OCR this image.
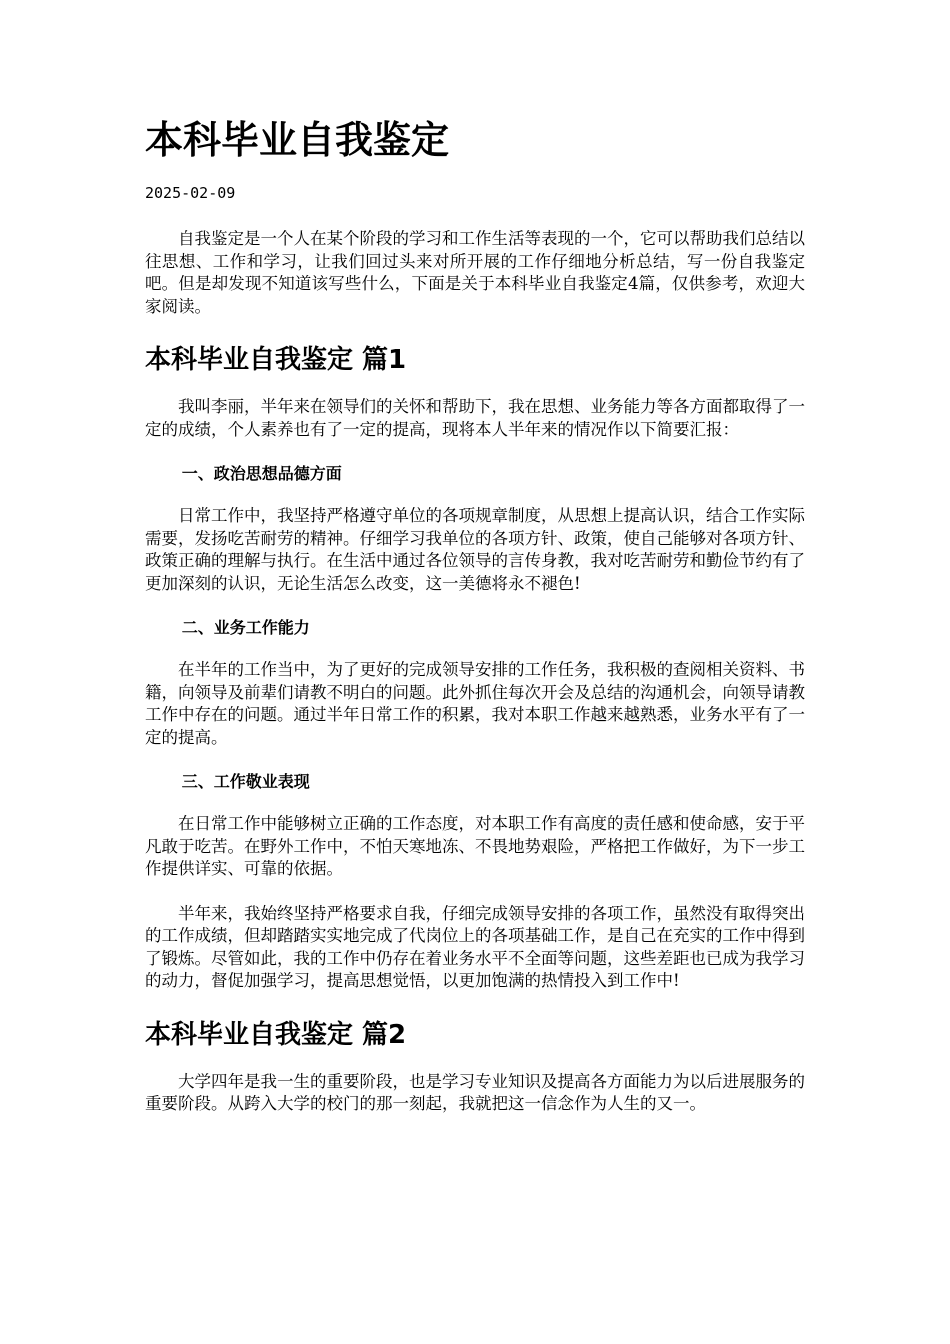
本科毕业自我鉴定
2025-02-09

自我鉴定是一个人在某个阶段的学习和工作生活等表现的一个，它可以帮助我们总结以往思想、工作和学习，让我们回过头来对所开展的工作仔细地分析总结，写一份自我鉴定吧。但是却发现不知道该写些什么，下面是关于本科毕业自我鉴定4篇，仅供参考，欢迎大家阅读。

本科毕业自我鉴定 篇1

我叫李丽，半年来在领导们的关怀和帮助下，我在思想、业务能力等各方面都取得了一定的成绩，个人素养也有了一定的提高，现将本人半年来的情况作以下简要汇报：

一、政治思想品德方面

日常工作中，我坚持严格遵守单位的各项规章制度，从思想上提高认识，结合工作实际需要，发扬吃苦耐劳的精神。仔细学习我单位的各项方针、政策，使自己能够对各项方针、政策正确的理解与执行。在生活中通过各位领导的言传身教，我对吃苦耐劳和勤俭节约有了更加深刻的认识，无论生活怎么改变，这一美德将永不褪色!

二、业务工作能力

在半年的工作当中，为了更好的完成领导安排的工作任务，我积极的查阅相关资料、书籍，向领导及前辈们请教不明白的问题。此外抓住每次开会及总结的沟通机会，向领导请教工作中存在的问题。通过半年日常工作的积累，我对本职工作越来越熟悉，业务水平有了一定的提高。

三、工作敬业表现

在日常工作中能够树立正确的工作态度，对本职工作有高度的责任感和使命感，安于平凡敢于吃苦。在野外工作中，不怕天寒地冻、不畏地势艰险，严格把工作做好，为下一步工作提供详实、可靠的依据。

半年来，我始终坚持严格要求自我，仔细完成领导安排的各项工作，虽然没有取得突出的工作成绩，但却踏踏实实地完成了代岗位上的各项基础工作，是自己在充实的工作中得到了锻炼。尽管如此，我的工作中仍存在着业务水平不全面等问题，这些差距也已成为我学习的动力，督促加强学习，提高思想觉悟，以更加饱满的热情投入到工作中!

本科毕业自我鉴定 篇2

大学四年是我一生的重要阶段，也是学习专业知识及提高各方面能力为以后进展服务的重要阶段。从跨入大学的校门的那一刻起，我就把这一信念作为人生的又一。
